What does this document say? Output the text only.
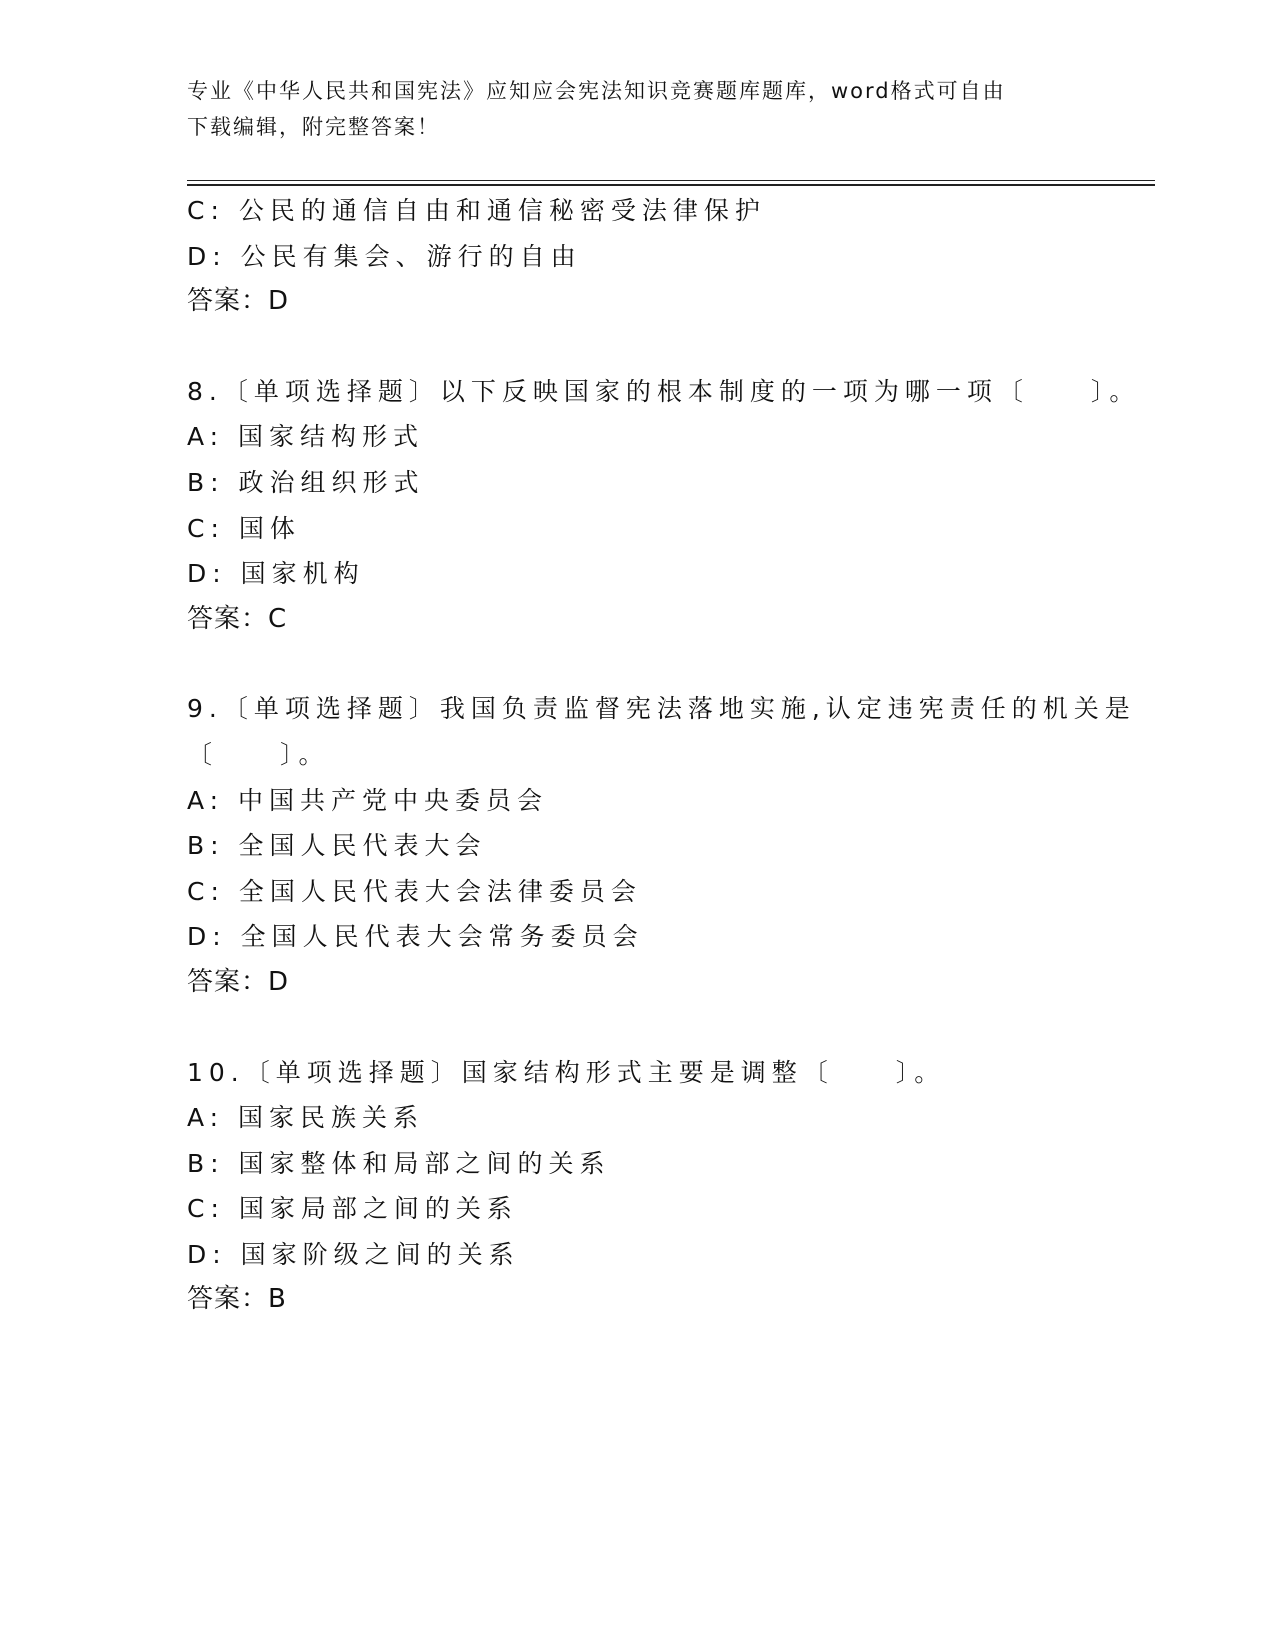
专业《中华人民共和国宪法》应知应会宪法知识竞赛题库题库，word格式可自由
下载编辑，附完整答案！
C: 公民的通信自由和通信秘密受法律保护
D: 公民有集会、游行的自由
答案：D
8.〔单项选择题〕以下反映国家的根本制度的一项为哪一项〔　　〕。
A: 国家结构形式
B: 政治组织形式
C: 国体
D: 国家机构
答案：C
9.〔单项选择题〕我国负责监督宪法落地实施,认定违宪责任的机关是
〔　　〕。
A: 中国共产党中央委员会
B: 全国人民代表大会
C: 全国人民代表大会法律委员会
D: 全国人民代表大会常务委员会
答案：D
10.〔单项选择题〕国家结构形式主要是调整〔　　〕。
A: 国家民族关系
B: 国家整体和局部之间的关系
C: 国家局部之间的关系
D: 国家阶级之间的关系
答案：B
